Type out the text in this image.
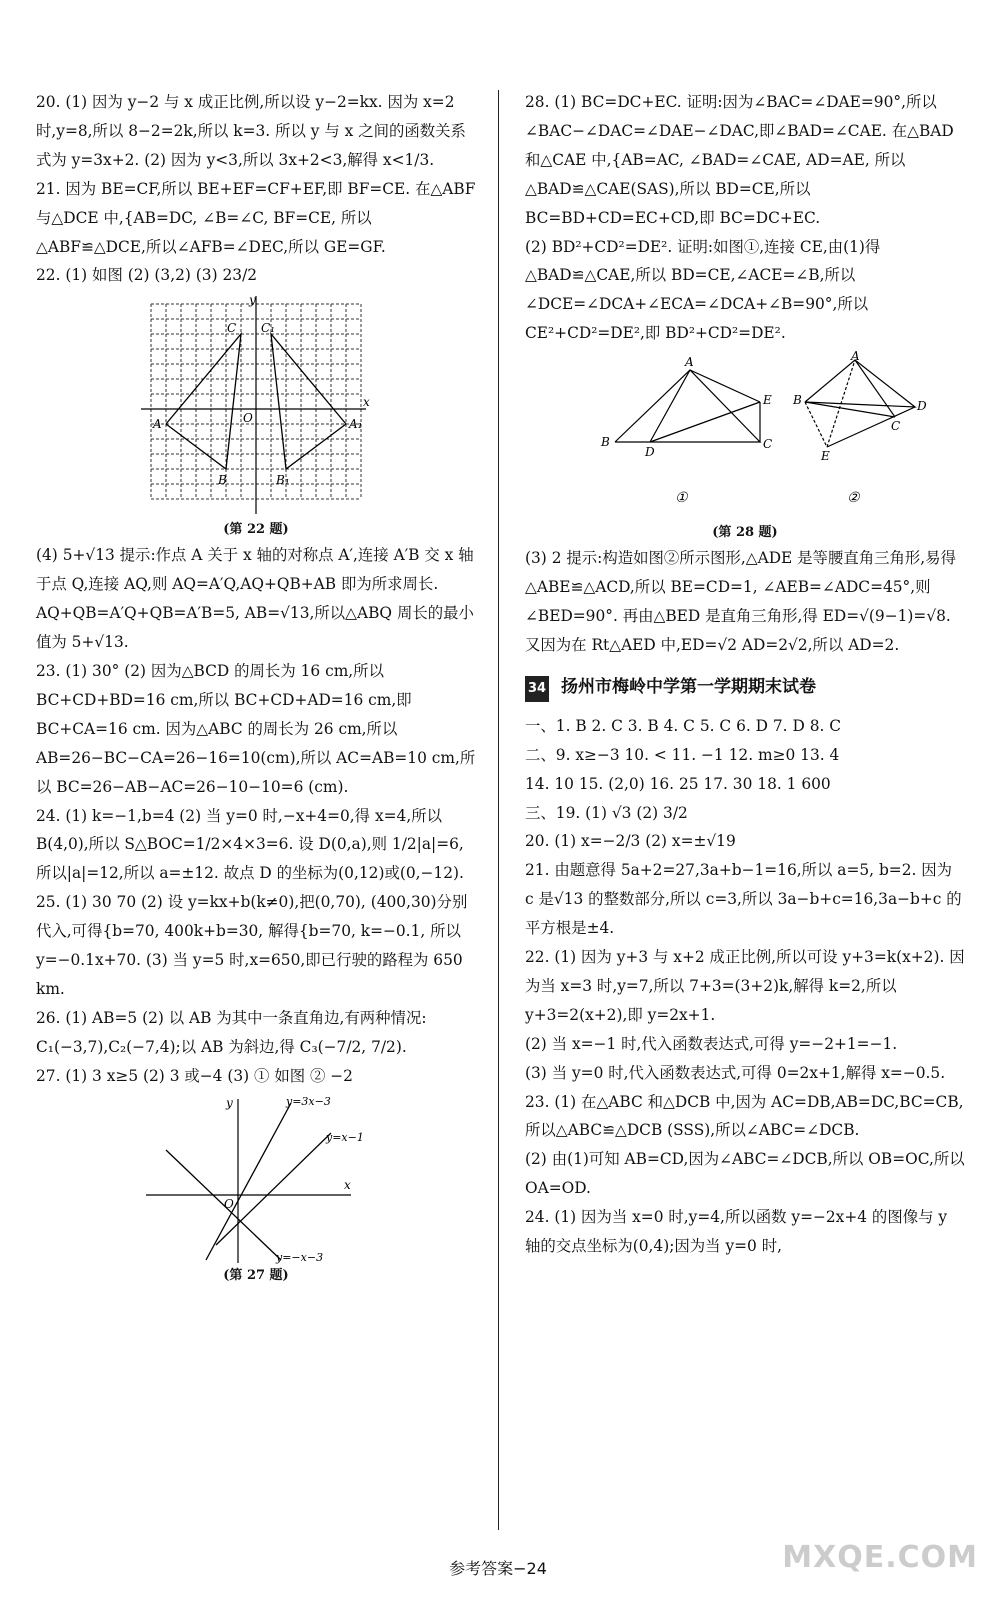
20. (1) 因为 y−2 与 x 成正比例,所以设 y−2=kx. 因为 x=2 时,y=8,所以 8−2=2k,所以 k=3. 所以 y 与 x 之间的函数关系式为 y=3x+2. (2) 因为 y<3,所以 3x+2<3,解得 x<1/3.

21. 因为 BE=CF,所以 BE+EF=CF+EF,即 BF=CE. 在△ABF 与△DCE 中,{AB=DC, ∠B=∠C, BF=CE, 所以△ABF≌△DCE,所以∠AFB=∠DEC,所以 GE=GF.

22. (1) 如图 (2) (3,2) (3) 23/2

y
x
O
A	A₁
B	B₁
C C₁
(第 22 题)

(4) 5+√13 提示:作点 A 关于 x 轴的对称点 A′,连接 A′B 交 x 轴于点 Q,连接 AQ,则 AQ=A′Q,AQ+QB+AB 即为所求周长. AQ+QB=A′Q+QB=A′B=5, AB=√13,所以△ABQ 周长的最小值为 5+√13.

23. (1) 30° (2) 因为△BCD 的周长为 16 cm,所以 BC+CD+BD=16 cm,所以 BC+CD+AD=16 cm,即 BC+CA=16 cm. 因为△ABC 的周长为 26 cm,所以 AB=26−BC−CA=26−16=10(cm),所以 AC=AB=10 cm,所以 BC=26−AB−AC=26−10−10=6 (cm).

24. (1) k=−1,b=4 (2) 当 y=0 时,−x+4=0,得 x=4,所以 B(4,0),所以 S△BOC=1/2×4×3=6. 设 D(0,a),则 1/2|a|=6,所以|a|=12,所以 a=±12. 故点 D 的坐标为(0,12)或(0,−12).

25. (1) 30 70 (2) 设 y=kx+b(k≠0),把(0,70), (400,30)分别代入,可得{b=70, 400k+b=30, 解得{b=70, k=−0.1, 所以 y=−0.1x+70. (3) 当 y=5 时,x=650,即已行驶的路程为 650 km.

26. (1) AB=5 (2) 以 AB 为其中一条直角边,有两种情况: C₁(−3,7),C₂(−7,4);以 AB 为斜边,得 C₃(−7/2, 7/2).

27. (1) 3 x≥5 (2) 3 或−4 (3) ① 如图 ② −2

y
x
O
y=3x−3
y=x−1
y=−x−3
(第 27 题)

28. (1) BC=DC+EC. 证明:因为∠BAC=∠DAE=90°,所以∠BAC−∠DAC=∠DAE−∠DAC,即∠BAD=∠CAE. 在△BAD 和△CAE 中,{AB=AC, ∠BAD=∠CAE, AD=AE, 所以△BAD≌△CAE(SAS),所以 BD=CE,所以 BC=BD+CD=EC+CD,即 BC=DC+EC.

(2) BD²+CD²=DE². 证明:如图①,连接 CE,由(1)得△BAD≌△CAE,所以 BD=CE,∠ACE=∠B,所以∠DCE=∠DCA+∠ECA=∠DCA+∠B=90°,所以 CE²+CD²=DE²,即 BD²+CD²=DE².

A
B	C
D
E
A
B
C
D
E
①	②
(第 28 题)

(3) 2 提示:构造如图②所示图形,△ADE 是等腰直角三角形,易得△ABE≌△ACD,所以 BE=CD=1, ∠AEB=∠ADC=45°,则∠BED=90°. 再由△BED 是直角三角形,得 ED=√(9−1)=√8. 又因为在 Rt△AED 中,ED=√2 AD=2√2,所以 AD=2.

34 扬州市梅岭中学第一学期期末试卷

一、1. B 2. C 3. B 4. C 5. C 6. D 7. D 8. C

二、9. x≥−3 10. < 11. −1 12. m≥0 13. 4

14. 10 15. (2,0) 16. 25 17. 30 18. 1 600

三、19. (1) √3 (2) 3/2

20. (1) x=−2/3 (2) x=±√19

21. 由题意得 5a+2=27,3a+b−1=16,所以 a=5, b=2. 因为 c 是√13 的整数部分,所以 c=3,所以 3a−b+c=16,3a−b+c 的平方根是±4.

22. (1) 因为 y+3 与 x+2 成正比例,所以可设 y+3=k(x+2). 因为当 x=3 时,y=7,所以 7+3=(3+2)k,解得 k=2,所以 y+3=2(x+2),即 y=2x+1.

(2) 当 x=−1 时,代入函数表达式,可得 y=−2+1=−1.

(3) 当 y=0 时,代入函数表达式,可得 0=2x+1,解得 x=−0.5.

23. (1) 在△ABC 和△DCB 中,因为 AC=DB,AB=DC,BC=CB,所以△ABC≌△DCB (SSS),所以∠ABC=∠DCB.

(2) 由(1)可知 AB=CD,因为∠ABC=∠DCB,所以 OB=OC,所以 OA=OD.

24. (1) 因为当 x=0 时,y=4,所以函数 y=−2x+4 的图像与 y 轴的交点坐标为(0,4);因为当 y=0 时,

参考答案−24	MXQE.COM
